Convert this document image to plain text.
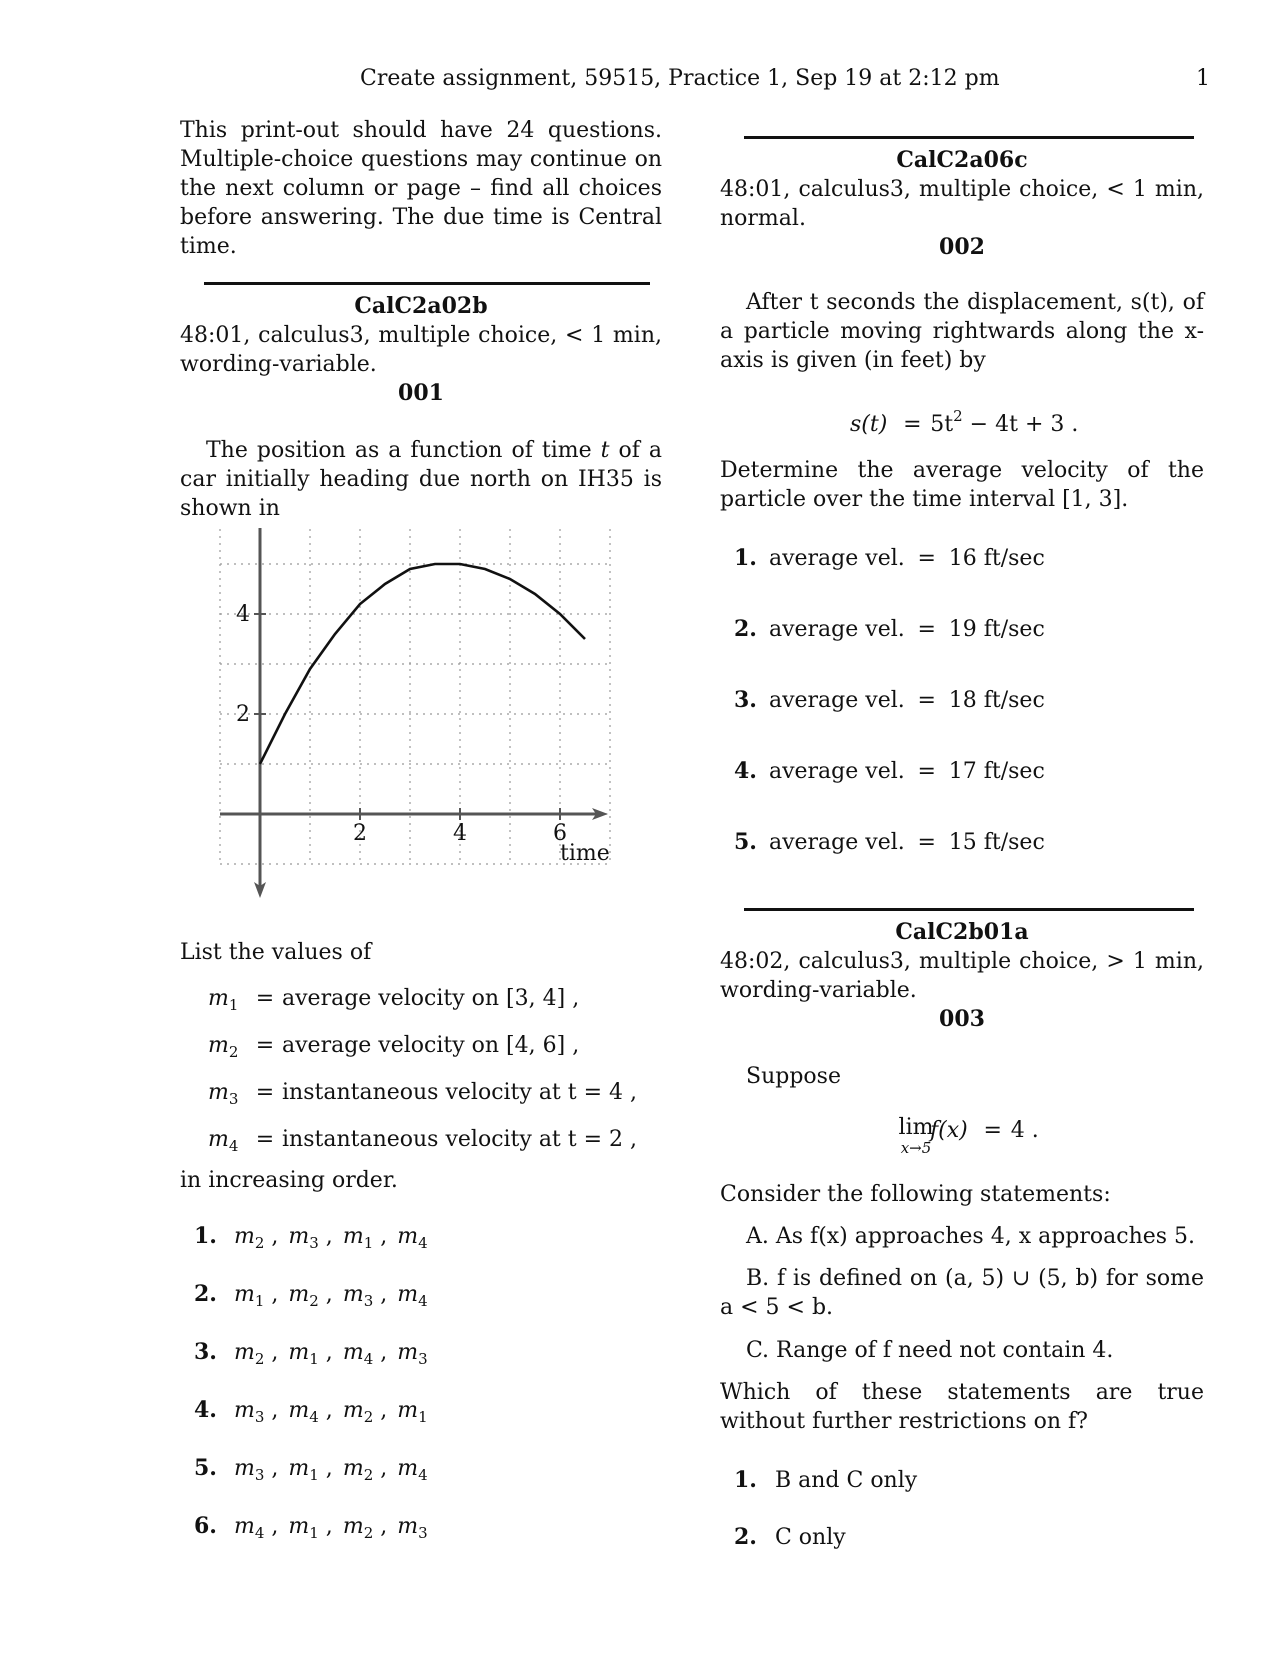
Create assignment, 59515, Practice 1, Sep 19 at 2:12 pm	1
This print-out should have 24 questions. Multiple-choice questions may continue on the next column or page – find all choices before answering. The due time is Central time.
CalC2a02b
48:01, calculus3, multiple choice, < 1 min, wording-variable.
001
The position as a function of time t of a car initially heading due north on IH35 is shown in
2	4	6
2
4
time
List the values of
$m_1$ = average velocity on [3, 4] ,
$m_2$ = average velocity on [4, 6] ,
$m_3$ = instantaneous velocity at t = 4 ,
$m_4$ = instantaneous velocity at t = 2 ,
in increasing order.
1. $m_2$ , $m_3$ , $m_1$ , $m_4$
2. $m_1$ , $m_2$ , $m_3$ , $m_4$
3. $m_2$ , $m_1$ , $m_4$ , $m_3$
4. $m_3$ , $m_4$ , $m_2$ , $m_1$
5. $m_3$ , $m_1$ , $m_2$ , $m_4$
6. $m_4$ , $m_1$ , $m_2$ , $m_3$
CalC2a06c
48:01, calculus3, multiple choice, < 1 min, normal.
002
After t seconds the displacement, s(t), of a particle moving rightwards along the x-axis is given (in feet) by
$s(t) = 5t^2 - 4t + 3$ .
Determine the average velocity of the particle over the time interval [1, 3].
1. average vel. = 16 ft/sec
2. average vel. = 19 ft/sec
3. average vel. = 18 ft/sec
4. average vel. = 17 ft/sec
5. average vel. = 15 ft/sec
CalC2b01a
48:02, calculus3, multiple choice, > 1 min, wording-variable.
003
Suppose
lim
x→5
f(x) = 4 .
Consider the following statements:
A. As f(x) approaches 4, x approaches 5.
B. f is defined on (a, 5) ∪ (5, b) for some a < 5 < b.
C. Range of f need not contain 4.
Which of these statements are true without further restrictions on f?
1. B and C only
2. C only
